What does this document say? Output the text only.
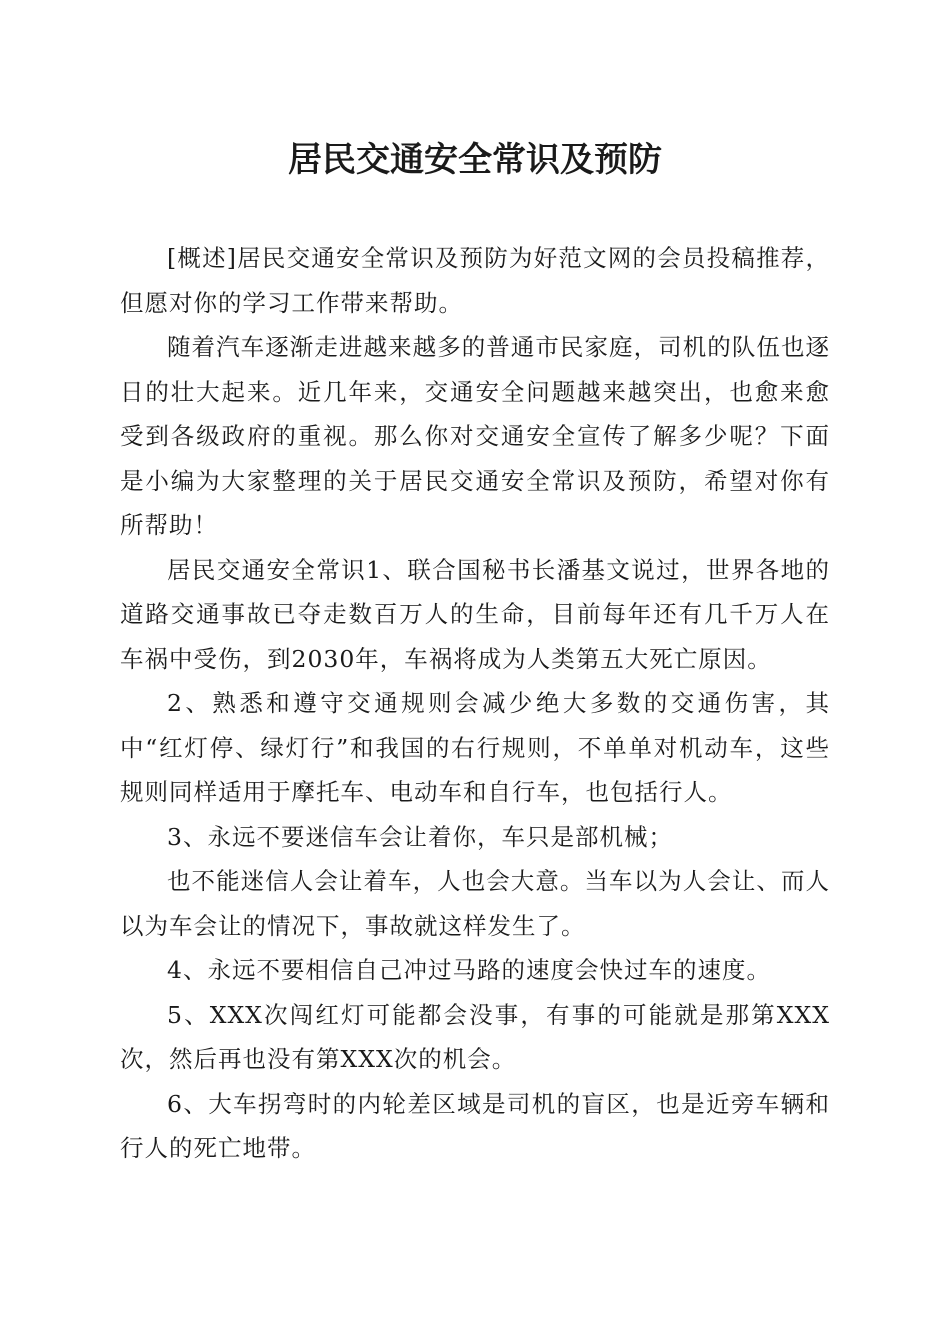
居民交通安全常识及预防

[概述]居民交通安全常识及预防为好范文网的会员投稿推荐，但愿对你的学习工作带来帮助。

随着汽车逐渐走进越来越多的普通市民家庭，司机的队伍也逐日的壮大起来。近几年来，交通安全问题越来越突出，也愈来愈受到各级政府的重视。那么你对交通安全宣传了解多少呢？下面是小编为大家整理的关于居民交通安全常识及预防，希望对你有所帮助！

居民交通安全常识1、联合国秘书长潘基文说过，世界各地的道路交通事故已夺走数百万人的生命，目前每年还有几千万人在车祸中受伤，到2030年，车祸将成为人类第五大死亡原因。

2、熟悉和遵守交通规则会减少绝大多数的交通伤害，其中“红灯停、绿灯行”和我国的右行规则，不单单对机动车，这些规则同样适用于摩托车、电动车和自行车，也包括行人。

3、永远不要迷信车会让着你，车只是部机械；

也不能迷信人会让着车，人也会大意。当车以为人会让、而人以为车会让的情况下，事故就这样发生了。

4、永远不要相信自己冲过马路的速度会快过车的速度。

5、XXX次闯红灯可能都会没事，有事的可能就是那第XXX次，然后再也没有第XXX次的机会。

6、大车拐弯时的内轮差区域是司机的盲区，也是近旁车辆和行人的死亡地带。
